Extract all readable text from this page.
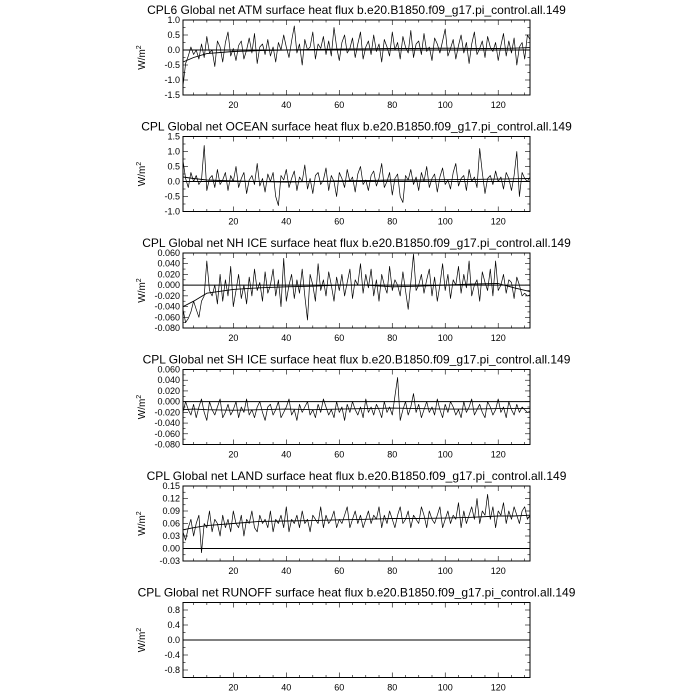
CPL6 Global net ATM surface heat flux b.e20.B1850.f09_g17.pi_control.all.149
$W/m^2$
20	40	60	80	100	120
-1.5
-1.0
-0.5
0.0
0.5
1.0
CPL Global net OCEAN surface heat flux b.e20.B1850.f09_g17.pi_control.all.149
$W/m^2$
20	40	60	80	100	120
-1.0
-0.5
0.0
0.5
1.0
1.5
CPL Global net NH ICE surface heat flux b.e20.B1850.f09_g17.pi_control.all.149
$W/m^2$
20	40	60	80	100	120
-0.080
-0.060
-0.040
-0.020
0.000
0.020
0.040
0.060
CPL Global net SH ICE surface heat flux b.e20.B1850.f09_g17.pi_control.all.149
$W/m^2$
20	40	60	80	100	120
-0.080
-0.060
-0.040
-0.020
0.000
0.020
0.040
0.060
CPL Global net LAND surface heat flux b.e20.B1850.f09_g17.pi_control.all.149
$W/m^2$
20	40	60	80	100	120
-0.03
0.00
0.03
0.06
0.09
0.12
0.15
CPL Global net RUNOFF surface heat flux b.e20.B1850.f09_g17.pi_control.all.149
$W/m^2$
20	40	60	80	100	120
-0.8
-0.4
0.0
0.4
0.8
